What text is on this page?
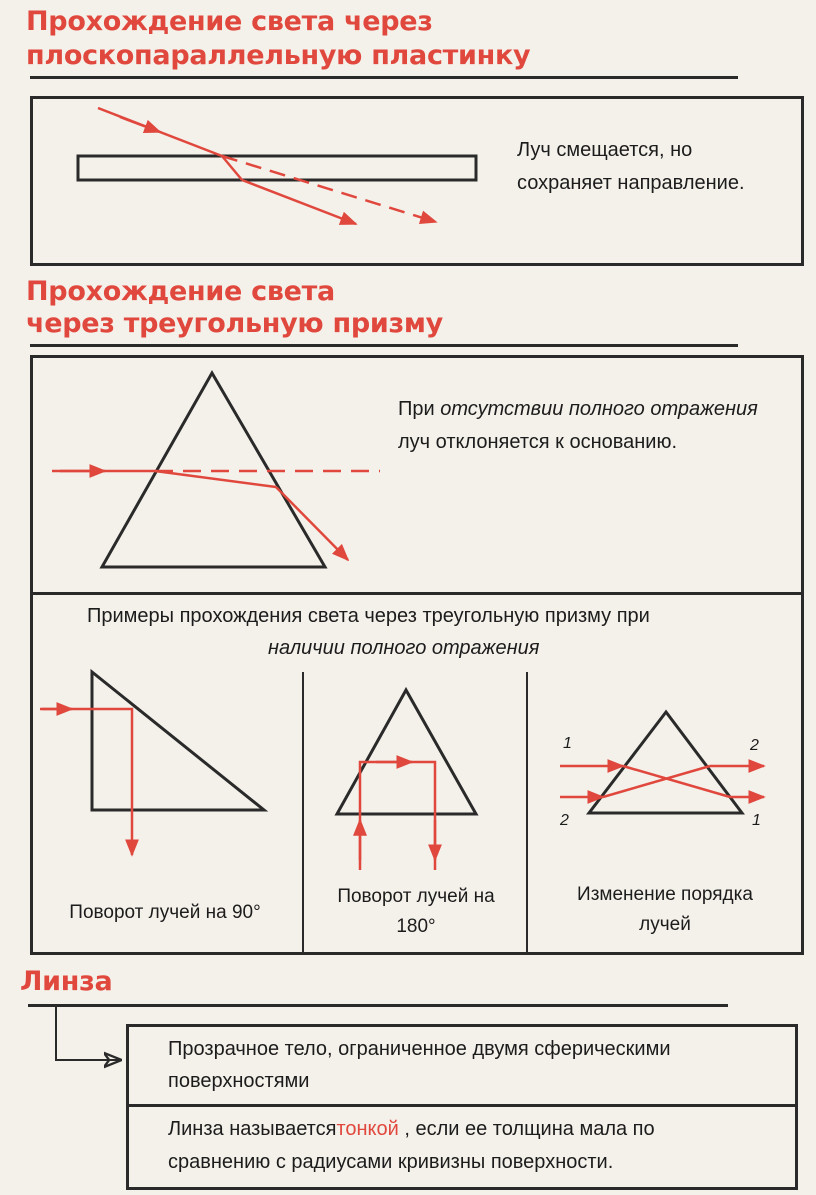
Прохождение света через
плоскопараллельную пластинку
Луч смещается, но
сохраняет направление.
Прохождение света
через треугольную призму
При отсутствии полного отражения
луч отклоняется к основанию.
Примеры прохождения света через треугольную призму при
наличии полного отражения
Поворот лучей на 90°
Поворот лучей на
180°
Изменение порядка
лучей
1
2
2
1
Линза
Прозрачное тело, ограниченное двумя сферическими
поверхностями
Линза называетсятонкой , если ее толщина мала по
сравнению с радиусами кривизны поверхности.
